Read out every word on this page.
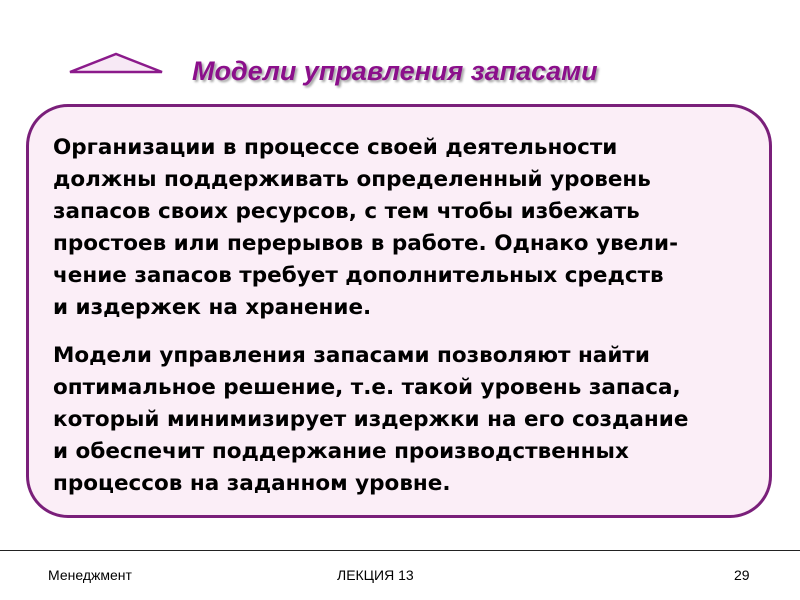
Модели управления запасами

Организации в процессе своей деятельности
должны поддерживать определенный уровень
запасов своих ресурсов, с тем чтобы избежать
простоев или перерывов в работе. Однако увели-
чение запасов требует дополнительных средств
и издержек на хранение.

Модели управления запасами позволяют найти
оптимальное решение, т.е. такой уровень запаса,
который минимизирует издержки на его создание
и обеспечит поддержание производственных
процессов на заданном уровне.

Менеджмент	ЛЕКЦИЯ 13	29
